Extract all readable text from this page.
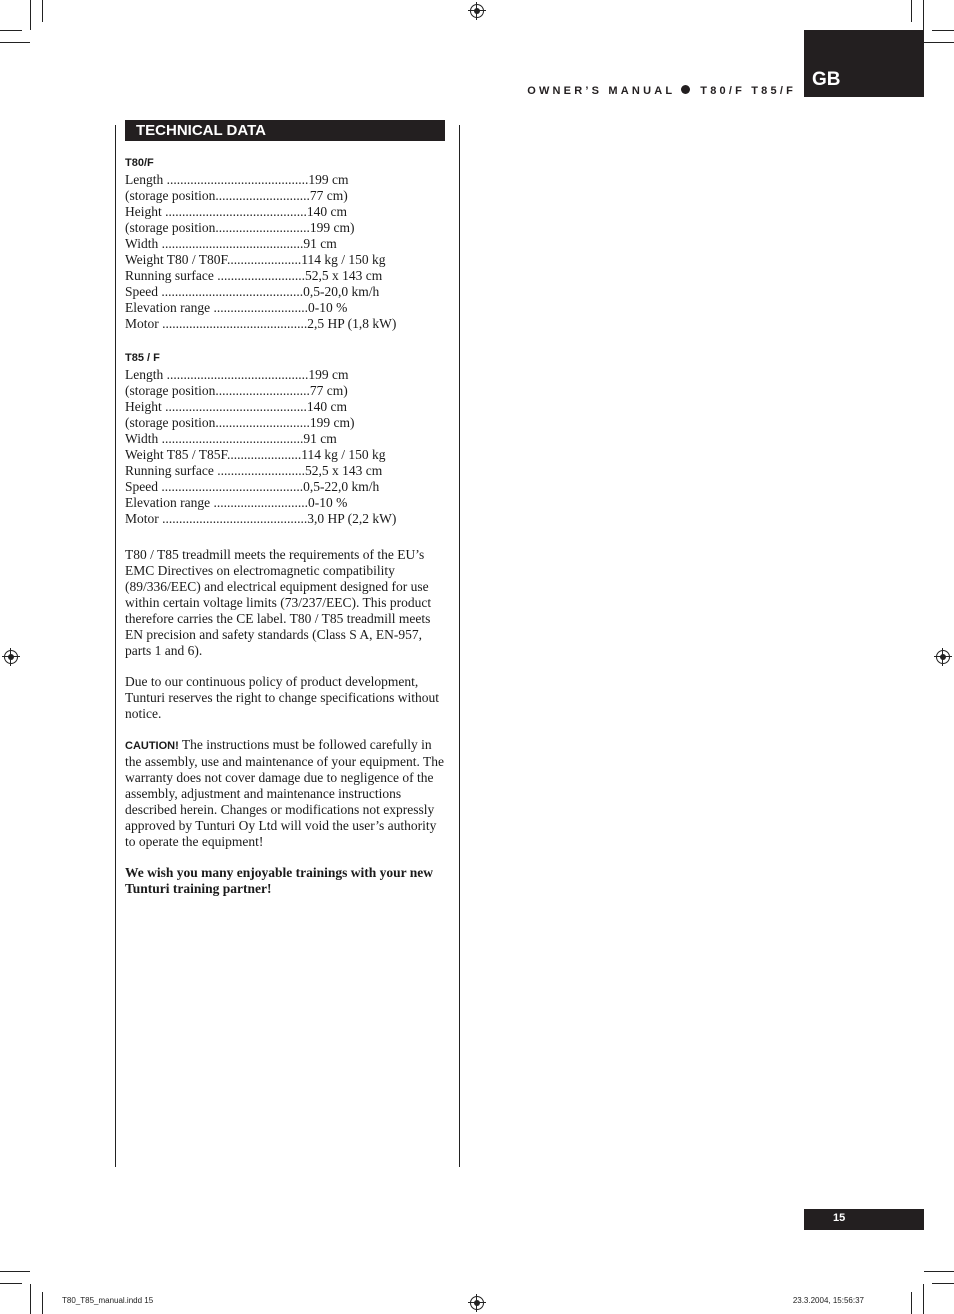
OWNER’S MANUAL T80/F T85/F
GB
TECHNICAL DATA
T80/F
Length ..........................................199 cm
(storage position............................77 cm)
Height ..........................................140 cm
(storage position............................199 cm)
Width ..........................................91 cm
Weight T80 / T80F......................114 kg / 150 kg
Running surface ..........................52,5 x 143 cm
Speed ..........................................0,5-20,0 km/h
Elevation range ............................0-10 %
Motor ...........................................2,5 HP (1,8 kW)
T85 / F
Length ..........................................199 cm
(storage position............................77 cm)
Height ..........................................140 cm
(storage position............................199 cm)
Width ..........................................91 cm
Weight T85 / T85F......................114 kg / 150 kg
Running surface ..........................52,5 x 143 cm
Speed ..........................................0,5-22,0 km/h
Elevation range ............................0-10 %
Motor ...........................................3,0 HP (2,2 kW)

T80 / T85 treadmill meets the requirements of the EU’s EMC Directives on electromagnetic compatibility (89/336/EEC) and electrical equipment designed for use within certain voltage limits (73/237/EEC). This product therefore carries the CE label. T80 / T85 treadmill meets EN precision and safety standards (Class S A, EN-957, parts 1 and 6).

Due to our continuous policy of product development, Tunturi reserves the right to change specifications without notice.

CAUTION! The instructions must be followed carefully in the assembly, use and maintenance of your equipment. The warranty does not cover damage due to negligence of the assembly, adjustment and maintenance instructions described herein. Changes or modifications not expressly approved by Tunturi Oy Ltd will void the user’s authority to operate the equipment!

We wish you many enjoyable trainings with your new Tunturi training partner!

15
T80_T85_manual.indd 15	23.3.2004, 15:56:37
